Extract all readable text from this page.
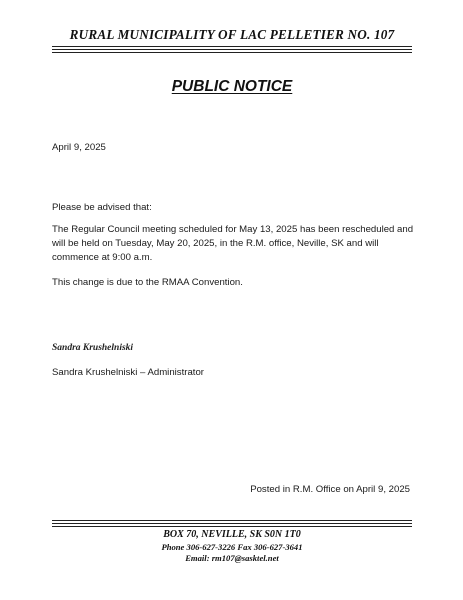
RURAL MUNICIPALITY OF LAC PELLETIER NO. 107
PUBLIC NOTICE
April 9, 2025
Please be advised that:
The Regular Council meeting scheduled for May 13, 2025 has been rescheduled and will be held on Tuesday, May 20, 2025, in the R.M. office, Neville, SK and will commence at 9:00 a.m.
This change is due to the RMAA Convention.
Sandra Krushelniski
Sandra Krushelniski – Administrator
Posted in R.M. Office on April 9, 2025
BOX 70, NEVILLE, SK S0N 1T0
Phone 306-627-3226 Fax 306-627-3641
Email: rm107@sasktel.net
